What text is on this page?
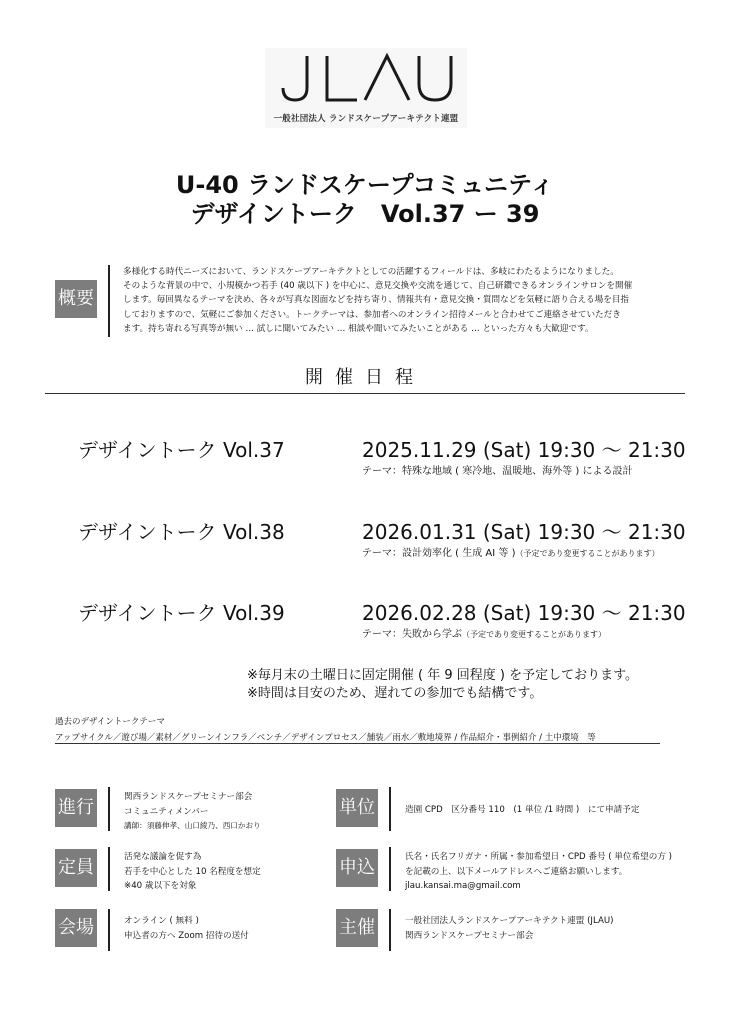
一般社団法人 ランドスケープアーキテクト連盟
U-40 ランドスケープコミュニティ
デザイントーク　Vol.37 ー 39
概要
多様化する時代ニーズにおいて、ランドスケープアーキテクトとしての活躍するフィールドは、多岐にわたるようになりました。
そのような背景の中で、小規模かつ若手 (40 歳以下 ) を中心に、意見交換や交流を通じて、自己研鑽できるオンラインサロンを開催
します。毎回異なるテーマを決め、各々が写真な図面などを持ち寄り、情報共有・意見交換・質問などを気軽に語り合える場を目指
しておりますので、気軽にご参加ください。トークテーマは、参加者へのオンライン招待メールと合わせてご連絡させていただき
ます。持ち寄れる写真等が無い … 試しに聞いてみたい … 相談や聞いてみたいことがある … といった方々も大歓迎です。
開催日程
デザイントーク Vol.37	2025.11.29 (Sat) 19:30 ～ 21:30
テーマ：特殊な地域 ( 寒冷地、温暖地、海外等 ) による設計
デザイントーク Vol.38	2026.01.31 (Sat) 19:30 ～ 21:30
テーマ：設計効率化 ( 生成 AI 等 )（予定であり変更することがあります）
デザイントーク Vol.39	2026.02.28 (Sat) 19:30 ～ 21:30
テーマ：失敗から学ぶ（予定であり変更することがあります）
※毎月末の土曜日に固定開催 ( 年 9 回程度 ) を予定しております。
※時間は目安のため、遅れての参加でも結構です。
過去のデザイントークテーマ
アップサイクル／遊び場／素材／グリーンインフラ／ベンチ／デザインプロセス／舗装／雨水／敷地境界 / 作品紹介・事例紹介 / 土中環境　等
進行	関西ランドスケープセミナー部会
コミュニティメンバー
講師：須藤伸孝、山口綾乃、西口かおり
定員	活発な議論を促す為
若手を中心とした 10 名程度を想定
※40 歳以下を対象
会場	オンライン ( 無料 )
申込者の方へ Zoom 招待の送付
単位	造園 CPD　区分番号 110　(1 単位 /1 時間 )　にて申請予定
申込	氏名・氏名フリガナ・所属・参加希望日・CPD 番号 ( 単位希望の方 )
を記載の上、以下メールアドレスへご連絡お願いします。
jlau.kansai.ma@gmail.com
主催	一般社団法人ランドスケープアーキテクト連盟 (JLAU)
関西ランドスケープセミナー部会
